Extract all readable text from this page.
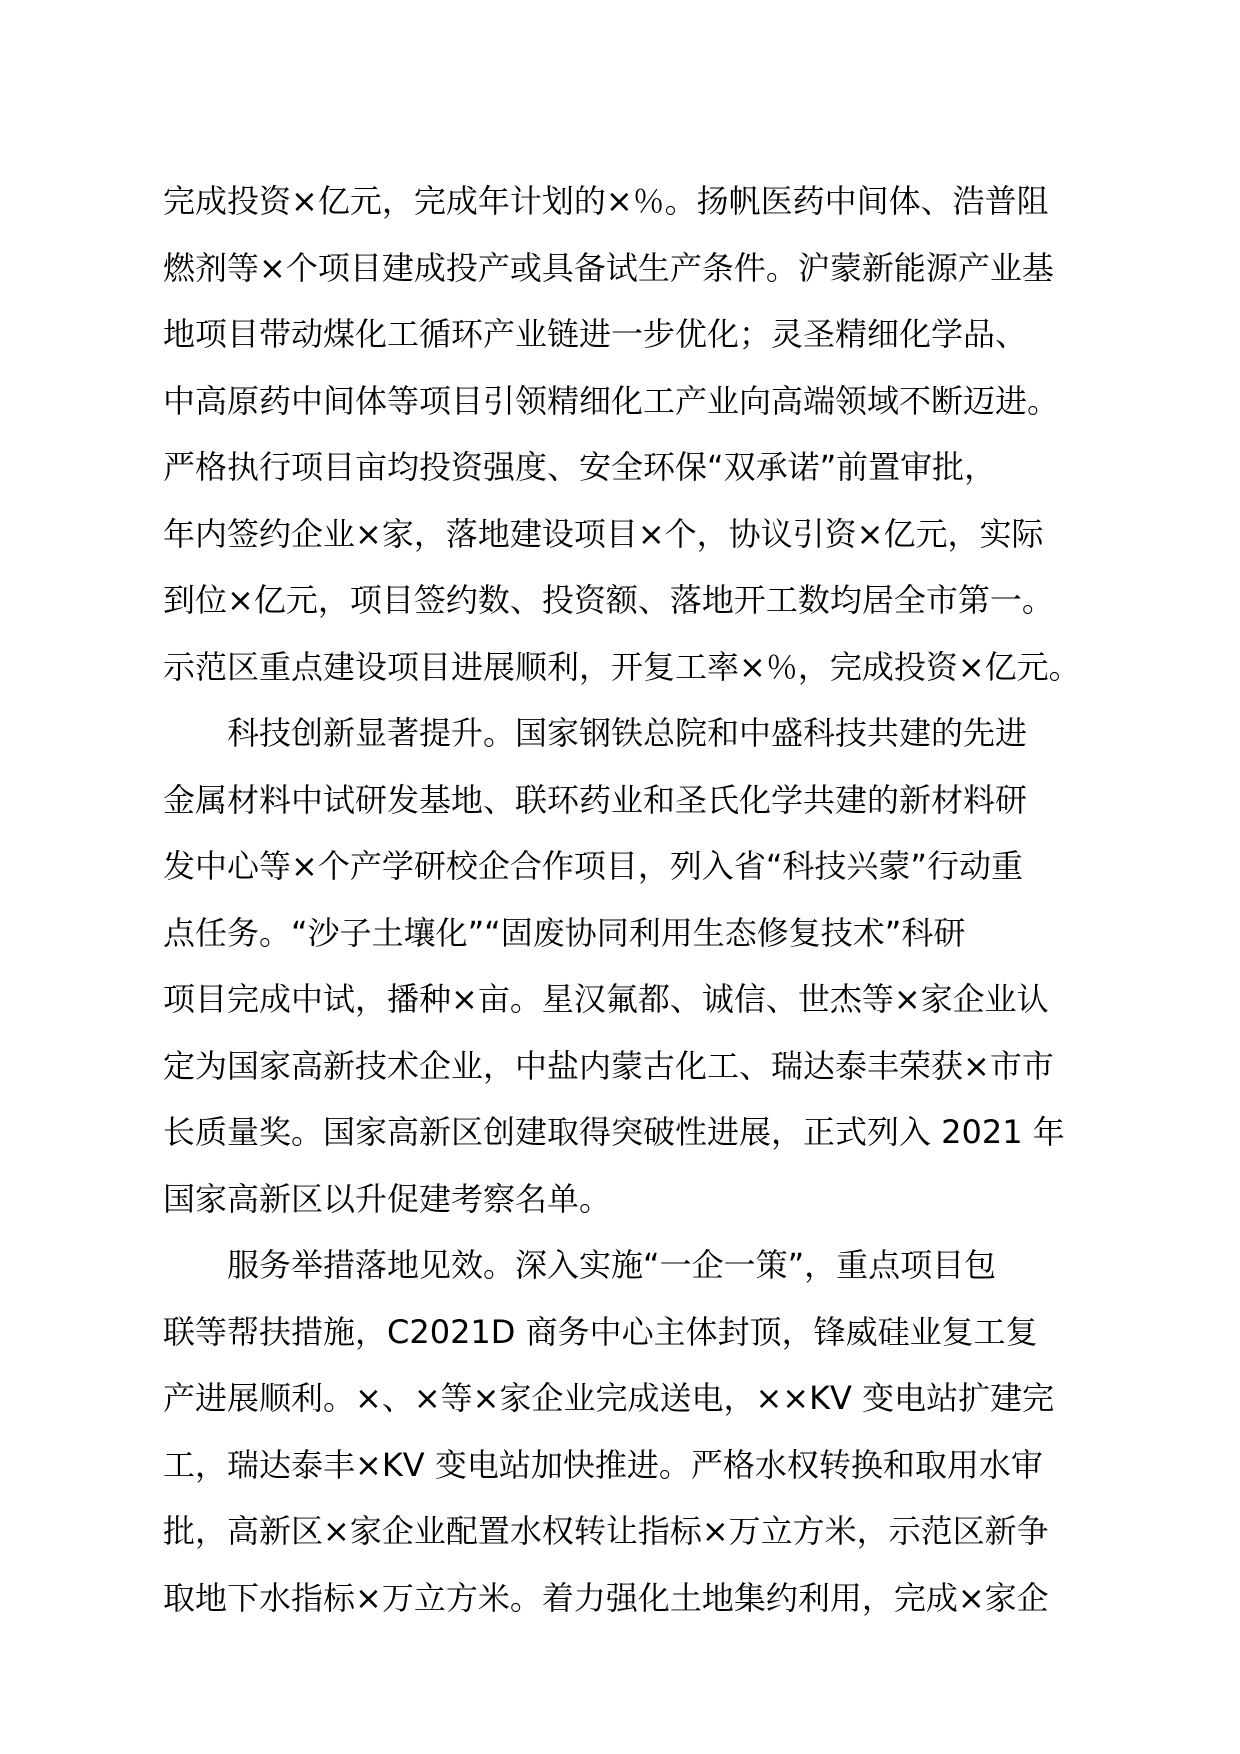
完成投资×亿元，完成年计划的×％。扬帆医药中间体、浩普阻
燃剂等×个项目建成投产或具备试生产条件。沪蒙新能源产业基
地项目带动煤化工循环产业链进一步优化；灵圣精细化学品、
中高原药中间体等项目引领精细化工产业向高端领域不断迈进。
严格执行项目亩均投资强度、安全环保“双承诺”前置审批，
年内签约企业×家，落地建设项目×个，协议引资×亿元，实际
到位×亿元，项目签约数、投资额、落地开工数均居全市第一。
示范区重点建设项目进展顺利，开复工率×％，完成投资×亿元。
科技创新显著提升。国家钢铁总院和中盛科技共建的先进
金属材料中试研发基地、联环药业和圣氏化学共建的新材料研
发中心等×个产学研校企合作项目，列入省“科技兴蒙”行动重
点任务。“沙子土壤化”“固废协同利用生态修复技术”科研
项目完成中试，播种×亩。星汉氟都、诚信、世杰等×家企业认
定为国家高新技术企业，中盐内蒙古化工、瑞达泰丰荣获×市市
长质量奖。国家高新区创建取得突破性进展，正式列入 2021 年
国家高新区以升促建考察名单。
服务举措落地见效。深入实施“一企一策”，重点项目包
联等帮扶措施，C2021D 商务中心主体封顶，锋威硅业复工复
产进展顺利。×、×等×家企业完成送电，××KV 变电站扩建完
工，瑞达泰丰×KV 变电站加快推进。严格水权转换和取用水审
批，高新区×家企业配置水权转让指标×万立方米，示范区新争
取地下水指标×万立方米。着力强化土地集约利用，完成×家企
